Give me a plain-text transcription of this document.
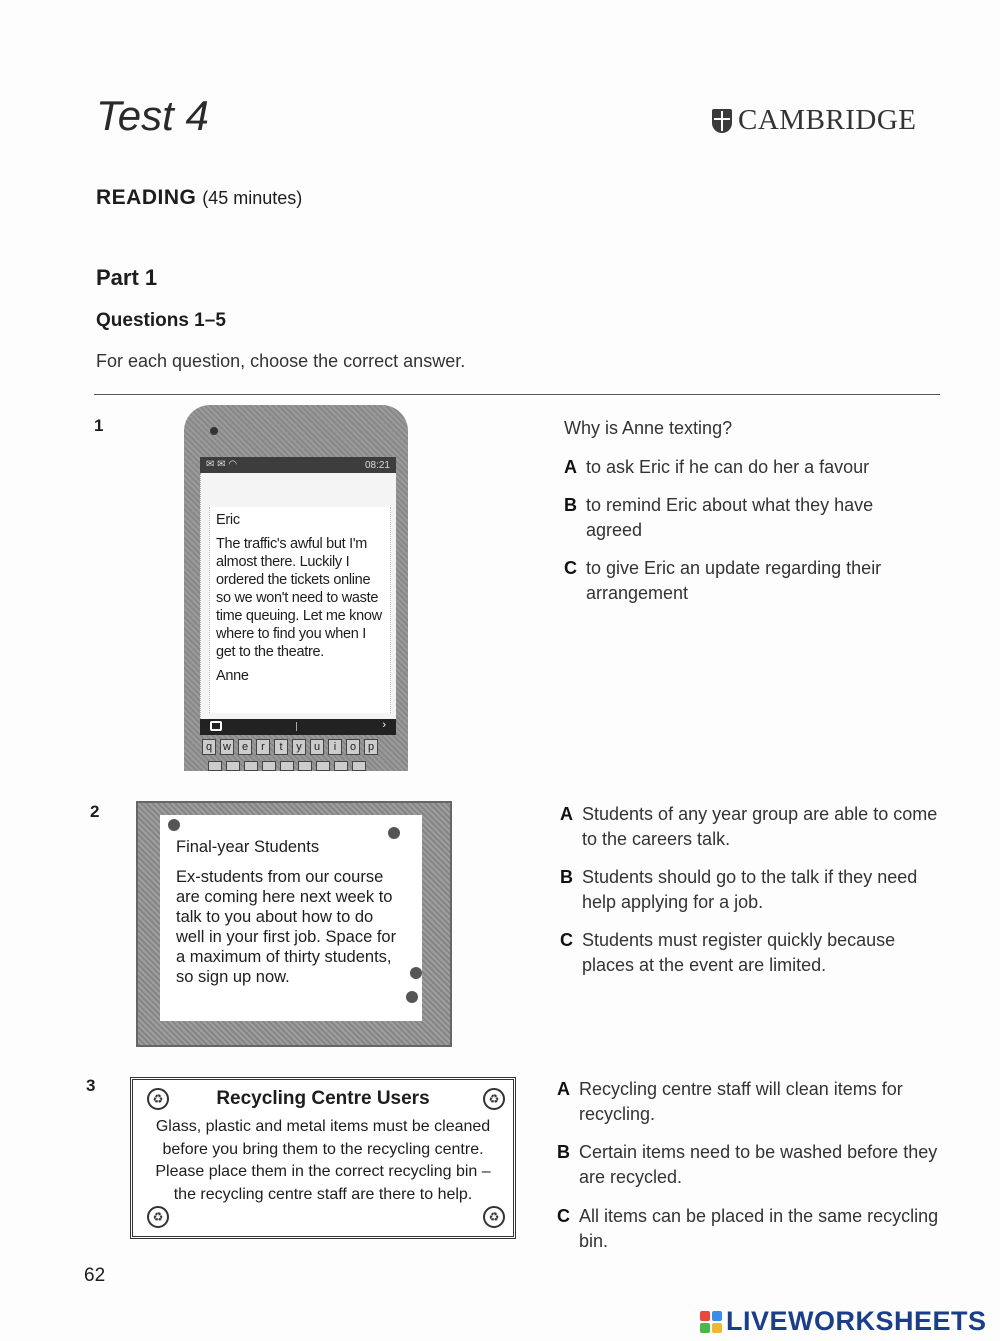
Test 4	CAMBRIDGE
READING (45 minutes)
Part 1
Questions 1–5
For each question, choose the correct answer.
1
✉ ✉ ◠	08:21

Eric

The traffic's awful but I'm almost there. Luckily I ordered the tickets online so we won't need to waste time queuing. Let me know where to find you when I get to the theatre.

Anne

›
q w e	r	t	y	u	i	o	p
Why is Anne texting?
A to ask Eric if he can do her a favour
B to remind Eric about what they have agreed
C to give Eric an update regarding their arrangement
2

Final-year Students

Ex-students from our course are coming here next week to talk to you about how to do well in your first job. Space for a maximum of thirty students, so sign up now.

A Students of any year group are able to come to the careers talk.
B Students should go to the talk if they need help applying for a job.
C Students must register quickly because places at the event are limited.
3
Recycling Centre Users
Glass, plastic and metal items must be cleaned before you bring them to the recycling centre. Please place them in the correct recycling bin – the recycling centre staff are there to help.
♻	♻
♻	♻
A Recycling centre staff will clean items for recycling.
B Certain items need to be washed before they are recycled.
C All items can be placed in the same recycling bin.
62
LIVEWORKSHEETS
